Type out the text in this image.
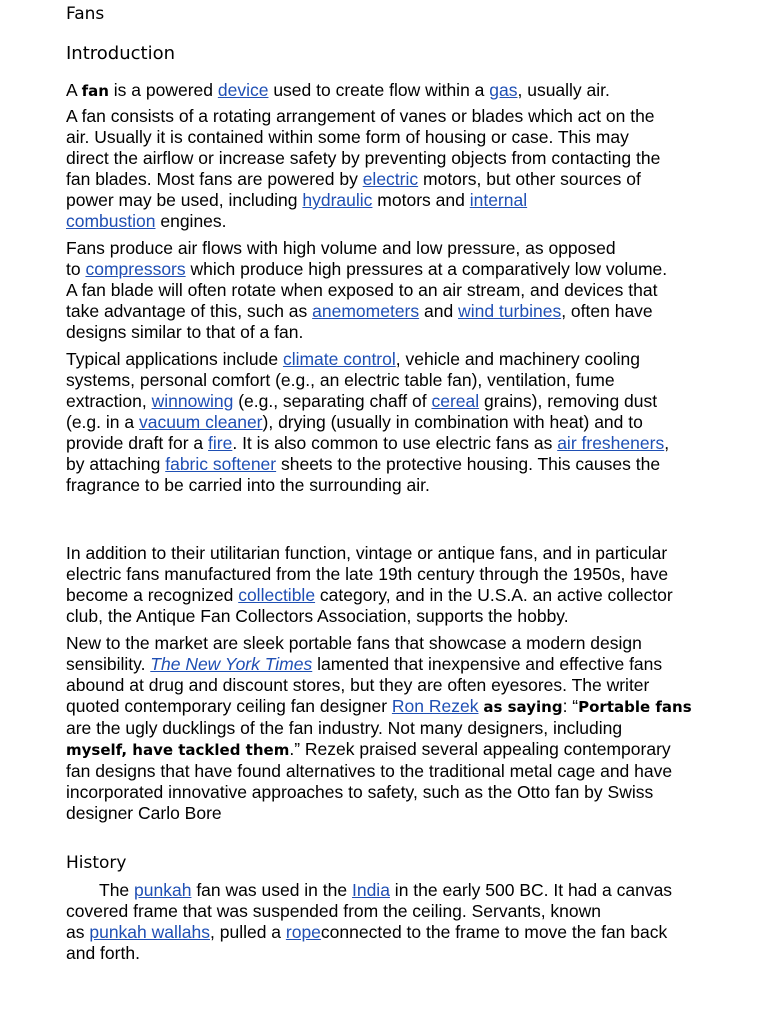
Fans
Introduction

A fan is a powered device used to create flow within a gas, usually air.

A fan consists of a rotating arrangement of vanes or blades which act on the
air. Usually it is contained within some form of housing or case. This may
direct the airflow or increase safety by preventing objects from contacting the
fan blades. Most fans are powered by electric motors, but other sources of
power may be used, including hydraulic motors and internal
combustion engines.

Fans produce air flows with high volume and low pressure, as opposed
to compressors which produce high pressures at a comparatively low volume.
A fan blade will often rotate when exposed to an air stream, and devices that
take advantage of this, such as anemometers and wind turbines, often have
designs similar to that of a fan.

Typical applications include climate control, vehicle and machinery cooling
systems, personal comfort (e.g., an electric table fan), ventilation, fume
extraction, winnowing (e.g., separating chaff of cereal grains), removing dust
(e.g. in a vacuum cleaner), drying (usually in combination with heat) and to
provide draft for a fire. It is also common to use electric fans as air fresheners,
by attaching fabric softener sheets to the protective housing. This causes the
fragrance to be carried into the surrounding air.

In addition to their utilitarian function, vintage or antique fans, and in particular
electric fans manufactured from the late 19th century through the 1950s, have
become a recognized collectible category, and in the U.S.A. an active collector
club, the Antique Fan Collectors Association, supports the hobby.

New to the market are sleek portable fans that showcase a modern design
sensibility. The New York Times lamented that inexpensive and effective fans
abound at drug and discount stores, but they are often eyesores. The writer
quoted contemporary ceiling fan designer Ron Rezek as saying: “Portable fans
are the ugly ducklings of the fan industry. Not many designers, including
myself, have tackled them.” Rezek praised several appealing contemporary
fan designs that have found alternatives to the traditional metal cage and have
incorporated innovative approaches to safety, such as the Otto fan by Swiss
designer Carlo Bore

History

The punkah fan was used in the India in the early 500 BC. It had a canvas
covered frame that was suspended from the ceiling. Servants, known
as punkah wallahs, pulled a ropeconnected to the frame to move the fan back
and forth.
